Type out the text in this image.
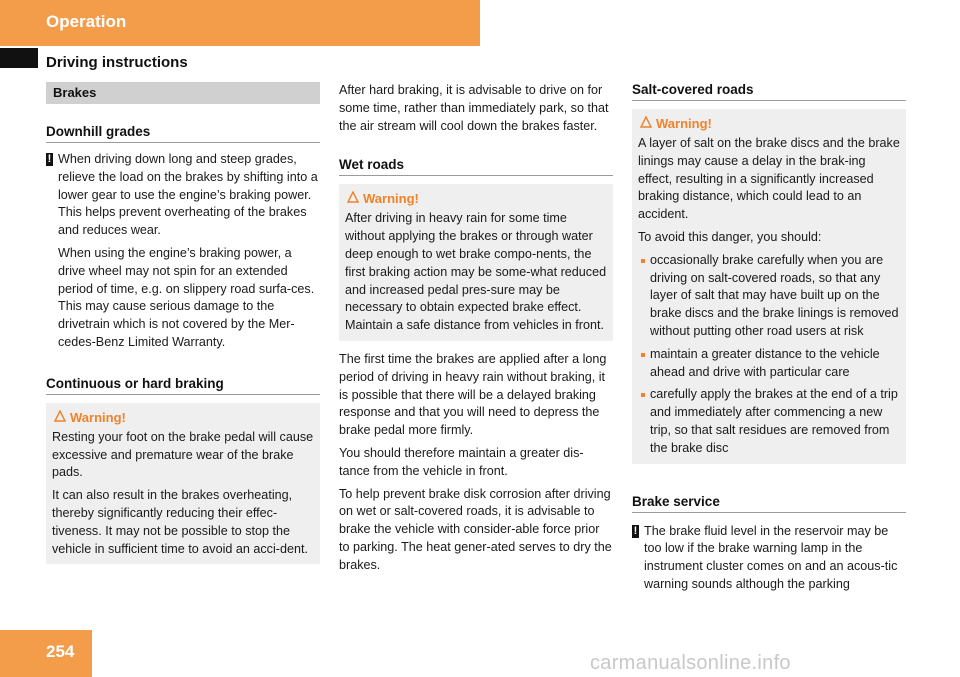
Operation
Driving instructions
Brakes
Downhill grades
! When driving down long and steep grades, relieve the load on the brakes by shifting into a lower gear to use the engine’s braking power. This helps prevent overheating of the brakes and reduces wear.

When using the engine’s braking power, a drive wheel may not spin for an extended period of time, e.g. on slippery road surfa-ces. This may cause serious damage to the drivetrain which is not covered by the Mer-cedes-Benz Limited Warranty.

Continuous or hard braking
Warning!

Resting your foot on the brake pedal will cause excessive and premature wear of the brake pads.

It can also result in the brakes overheating, thereby significantly reducing their effec-tiveness. It may not be possible to stop the vehicle in sufficient time to avoid an acci-dent.

After hard braking, it is advisable to drive on for some time, rather than immediately park, so that the air stream will cool down the brakes faster.

Wet roads
Warning!

After driving in heavy rain for some time without applying the brakes or through water deep enough to wet brake compo-nents, the first braking action may be some-what reduced and increased pedal pres-sure may be necessary to obtain expected brake effect. Maintain a safe distance from vehicles in front.

The first time the brakes are applied after a long period of driving in heavy rain without braking, it is possible that there will be a delayed braking response and that you will need to depress the brake pedal more firmly.

You should therefore maintain a greater dis-tance from the vehicle in front.

To help prevent brake disk corrosion after driving on wet or salt-covered roads, it is advisable to brake the vehicle with consider-able force prior to parking. The heat gener-ated serves to dry the brakes.

Salt-covered roads
Warning!

A layer of salt on the brake discs and the brake linings may cause a delay in the brak-ing effect, resulting in a significantly increased braking distance, which could lead to an accident.

To avoid this danger, you should:

occasionally brake carefully when you are driving on salt-covered roads, so that any layer of salt that may have built up on the brake discs and the brake linings is removed without putting other road users at risk

maintain a greater distance to the vehicle ahead and drive with particular care

carefully apply the brakes at the end of a trip and immediately after commencing a new trip, so that salt residues are removed from the brake disc

Brake service
! The brake fluid level in the reservoir may be too low if the brake warning lamp in the instrument cluster comes on and an acous-tic warning sounds although the parking

254
carmanualsonline.info
